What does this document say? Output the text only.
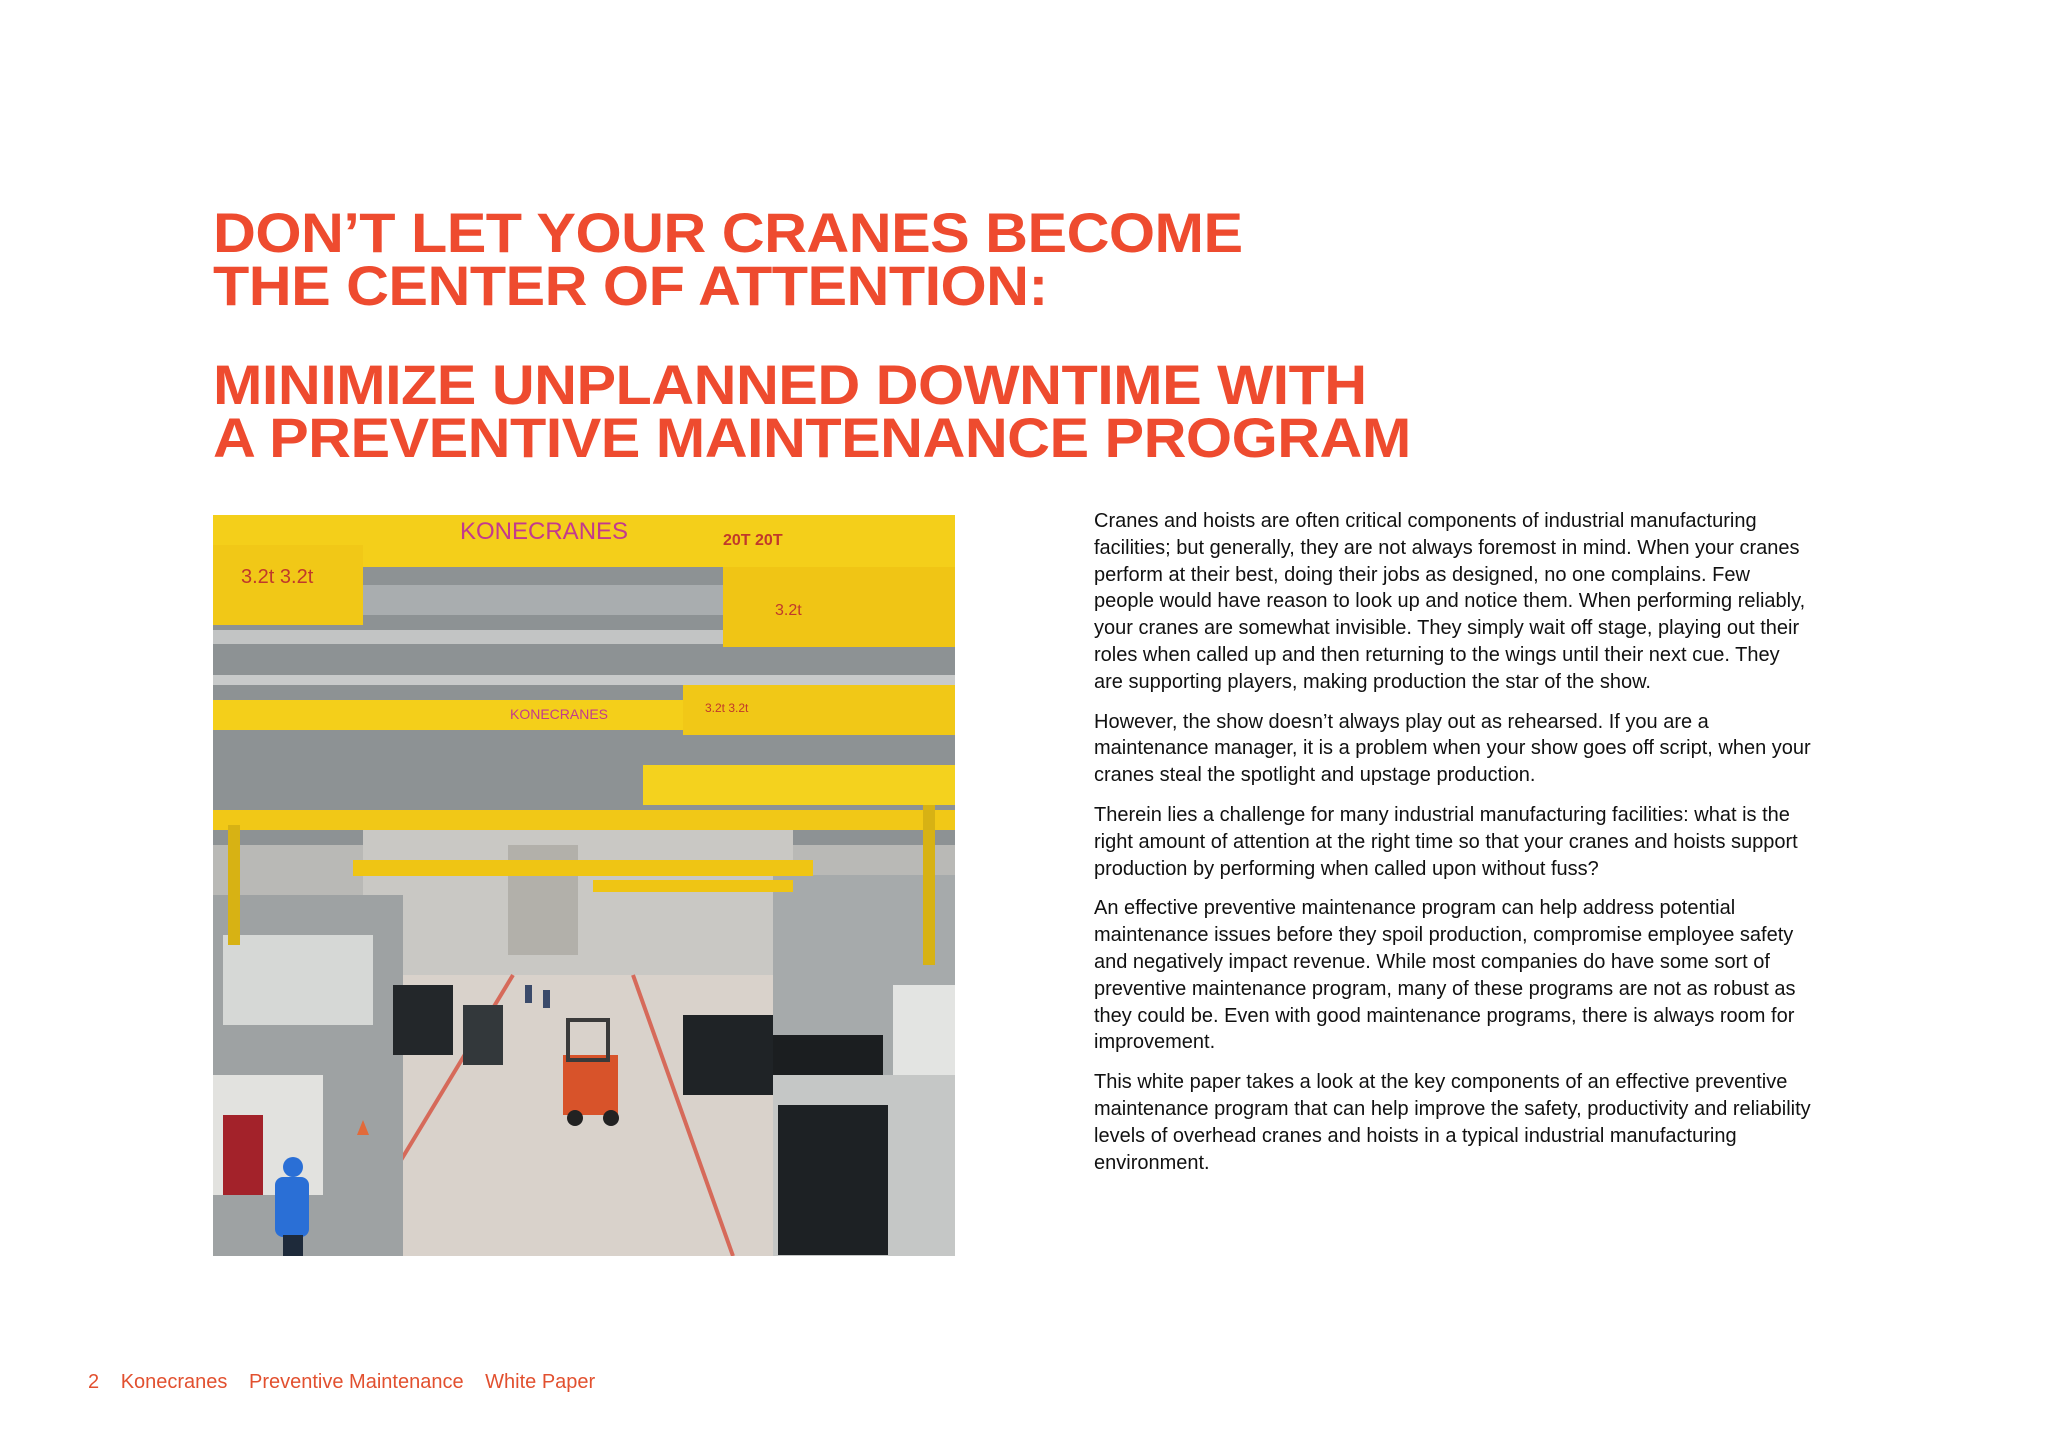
DON’T LET YOUR CRANES BECOME
THE CENTER OF ATTENTION:
MINIMIZE UNPLANNED DOWNTIME WITH
A PREVENTIVE MAINTENANCE PROGRAM
KONECRANES	20T 20T
3.2t 3.2t
3.2t
KONECRANES	3.2t 3.2t

Cranes and hoists are often critical components of industrial manufacturing facilities; but generally, they are not always foremost in mind. When your cranes perform at their best, doing their jobs as designed, no one complains. Few people would have reason to look up and notice them. When performing reliably, your cranes are somewhat invisible. They simply wait off stage, playing out their roles when called up and then returning to the wings until their next cue. They are supporting players, making production the star of the show.

However, the show doesn’t always play out as rehearsed. If you are a maintenance manager, it is a problem when your show goes off script, when your cranes steal the spotlight and upstage production.

Therein lies a challenge for many industrial manufacturing facilities: what is the right amount of attention at the right time so that your cranes and hoists support production by performing when called upon without fuss?

An effective preventive maintenance program can help address potential maintenance issues before they spoil production, compromise employee safety and negatively impact revenue. While most companies do have some sort of preventive maintenance program, many of these programs are not as robust as they could be. Even with good maintenance programs, there is always room for improvement.

This white paper takes a look at the key components of an effective preventive maintenance program that can help improve the safety, productivity and reliability levels of overhead cranes and hoists in a typical industrial manufacturing environment.

2 Konecranes Preventive Maintenance White Paper
